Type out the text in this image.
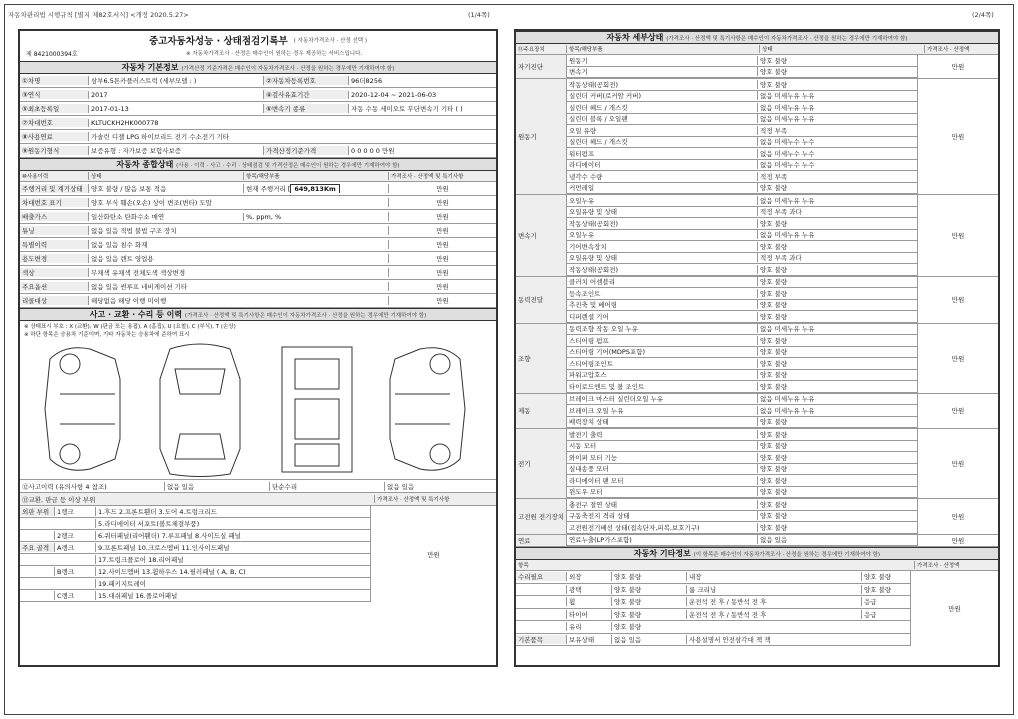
자동차관리법 시행규칙 [별지 제82호서식] <개정 2020.5.27>	(1/4쪽)	(2/4쪽)
중고자동차성능 · 상태점검기록부 ( 자동차가격조사 · 산정 선택 )
제 8421000394호	※ 자동차가격조사 · 산정은 매수인이 원하는 경우 제공하는 서비스입니다.
자동차 기본정보 (가격산정 기준가격은 매수인이 자동차가격조사 · 산정을 원하는 경우에만 기재하여야 함)
①차명	삼부6.5톤카플러스트럭 (세부모델 : )	②자동차등록번호	96더8256
③연식	2017	④검사유효기간	2020-12-04 ~ 2021-06-03
⑤최초등록일	2017-01-13	⑥변속기 종류	자동 수동 세미오토 무단변속기 기타 ( )
⑦차대번호	KLTUCKH2HK000778
⑧사용연료	가솔린 디젤 LPG 하이브리드 전기 수소전기 기타
⑨원동기형식	보증유형 : 자가보증 보험사보증	가격산정기준가격	0 0 0 0 0 만원
자동차 종합상태 (사용 · 이력 · 사고 · 수리 · 상태점검 및 가격산정은 매수인이 원하는 경우에만 기재하여야 함)
⑩사용이력	상태	항목/해당부품	가격조사 · 산정액 및 특기사항
주행거리 및 계기상태	양호 불량 / 많음 보통 적음	현재 주행거리 [ 649,813Km	만원
차대번호 표기	양호 부식 훼손(오손) 상이 변조(변타) 도말	만원
배출가스	일산화탄소 탄화수소 매연	%, ppm, %	만원
튜닝	없음 있음 적법 불법 구조 장치	만원
특별이력	없음 있음 침수 화재	만원
용도변경	없음 있음 렌트 영업용	만원
색상	무채색 유채색 전체도색 색상변경	만원
주요옵션	없음 있음 썬루프 네비게이션 기타	만원
리콜대상	해당없음 해당 이행 미이행	만원
사고 · 교환 · 수리 등 이력 (가격조사 · 산정액 및 특기사항은 매수인이 자동차가격조사 · 산정을 원하는 경우에만 기재하여야 함)
※ 상태표시 부호 : X (교환), W (판금 또는 용접), A (흠집), U (요철), C (부식), T (손상)
※ 하단 항목은 승용차 기준이며, 기타 자동차는 승용차에 준하여 표시
⑫사고이력 (유의사항 4 참조)	없음 있음	단순수리	없음 있음
⑬교환, 판금 등 이상 부위	가격조사 · 산정액 및 특기사항
외판 부위	1랭크	1.후드 2.프론트휀더 3.도어 4.트렁크리드
5.라디에이터 서포트(볼트체결부품)
2랭크	6.쿼터패널(리어휀더) 7.루프패널 8.사이드실 패널
주요 골격	A랭크	9.프론트패널 10.크로스멤버 11.인사이드패널
17.트렁크플로어 18.리어패널
B랭크	12.사이드멤버 13.휠하우스 14.필러패널 ( A, B, C)
19.패키지트레이
C랭크	15.대쉬패널 16.플로어패널
만원
자동차 세부상태 (가격조사 · 산정액 및 특기사항은 매수인이 자동차가격조사 · 산정을 원하는 경우에만 기재하여야 함)
⑭주요장치	항목/해당부품	상태	가격조사 · 산정액
자기진단
원동기	양호 불량
변속기	양호 불량
만원
원동기
작동상태(공회전)	양호 불량
실린더 커버(로커암 커버)	없음 미세누유 누유
실린더 헤드 / 개스킷	없음 미세누유 누유
실린더 블록 / 오일팬	없음 미세누유 누유
오일 유량	적정 부족
실린더 헤드 / 개스킷	없음 미세누수 누수
워터펌프	없음 미세누수 누수
라디에이터	없음 미세누수 누수
냉각수 수량	적정 부족
커먼레일	양호 불량
만원
변속기
오일누유	없음 미세누유 누유
오일유량 및 상태	적정 부족 과다
작동상태(공회전)	양호 불량
오일누유	없음 미세누유 누유
기어변속장치	양호 불량
오일유량 및 상태	적정 부족 과다
작동상태(공회전)	양호 불량
만원
동력전달
클러치 어셈블리	양호 불량
등속조인트	양호 불량
추진축 및 베어링	양호 불량
디퍼렌셜 기어	양호 불량
만원
조향
동력조향 작동 오일 누유	없음 미세누유 누유
스티어링 펌프	양호 불량
스티어링 기어(MDPS포함)	양호 불량
스티어링조인트	양호 불량
파워고압호스	양호 불량
타이로드엔드 및 볼 조인트	양호 불량
만원
제동
브레이크 마스터 실린더오일 누유	없음 미세누유 누유
브레이크 오일 누유	없음 미세누유 누유
배력장치 상태	양호 불량
만원
전기
발전기 출력	양호 불량
시동 모터	양호 불량
와이퍼 모터 기능	양호 불량
실내송풍 모터	양호 불량
라디에이터 팬 모터	양호 불량
윈도우 모터	양호 불량
만원
고전원 전기장치
충전구 절연 상태	양호 불량
구동축전지 격리 상태	양호 불량
고전원전기배선 상태(접속단자,피복,보호기구)	양호 불량
만원
연료	연료누출(LP가스포함)	없음 있음	만원
자동차 기타정보 (이 항목은 매수인이 자동차가격조사 · 산정을 원하는 경우에만 기재하여야 함)
항목	가격조사 · 산정액
수리필요	외장	양호 불량	내장	양호 불량
광택	양호 불량	룸 크리닝	양호 불량
휠	양호 불량	운전석 전 후 / 동반석 전 후	응급
타이어	양호 불량	운전석 전 후 / 동반석 전 후	응급
유리	양호 불량
기본품목	보유상태	없음 있음	사용설명서 안전삼각대 잭 잭
만원
